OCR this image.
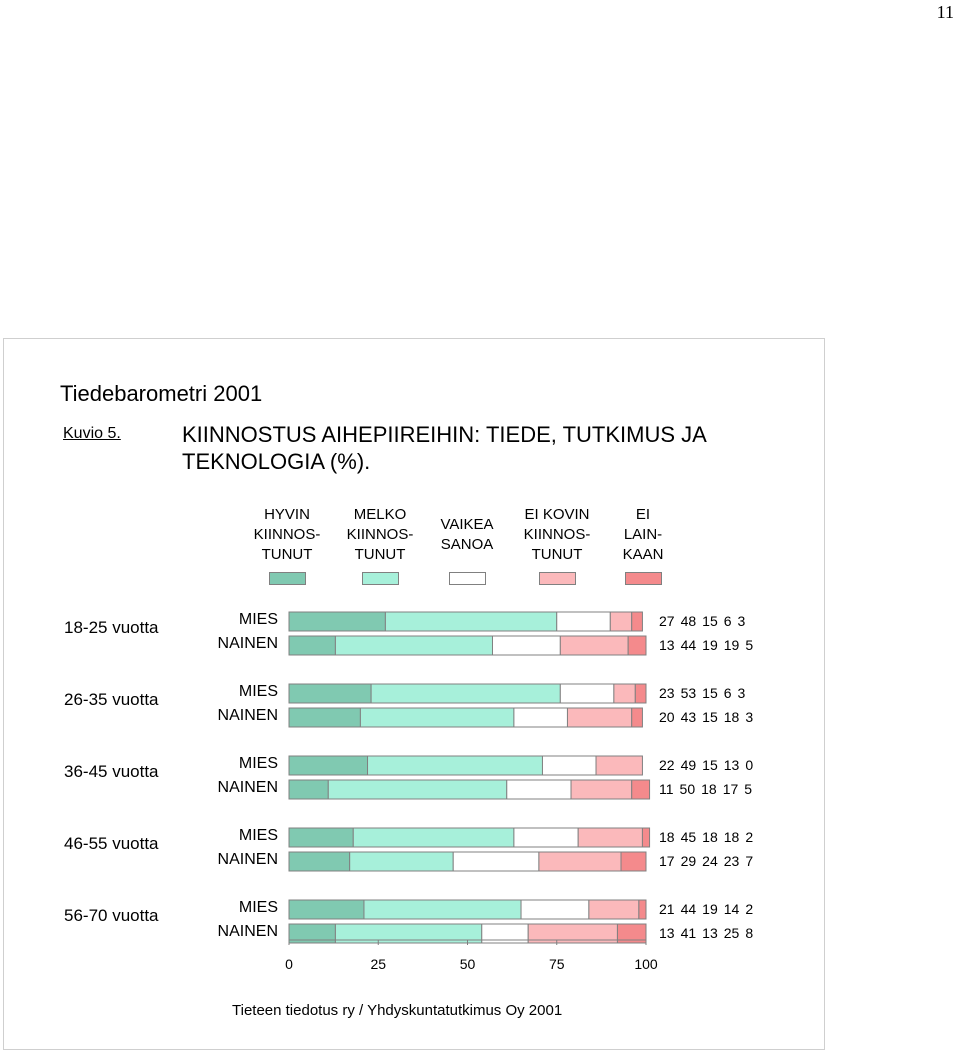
11
Tiedebarometri 2001
Kuvio 5.	KIINNOSTUS AIHEPIIREIHIN: TIEDE, TUTKIMUS JA TEKNOLOGIA (%).
HYVIN
KIINNOS-
TUNUT
MELKO
KIINNOS-
TUNUT
VAIKEA
SANOA
EI KOVIN
KIINNOS-
TUNUT
EI
LAIN-
KAAN
18-25 vuotta	MIES	27 48 15 6 3
NAINEN	13 44 19 19 5
26-35 vuotta	MIES	23 53 15 6 3
NAINEN	20 43 15 18 3
36-45 vuotta	MIES	22 49 15 13 0
NAINEN	11 50 18 17 5
46-55 vuotta	MIES	18 45 18 18 2
NAINEN	17 29 24 23 7
56-70 vuotta	MIES	21 44 19 14 2
NAINEN	13 41 13 25 8
0	25	50	75	100
Tieteen tiedotus ry / Yhdyskuntatutkimus Oy 2001
